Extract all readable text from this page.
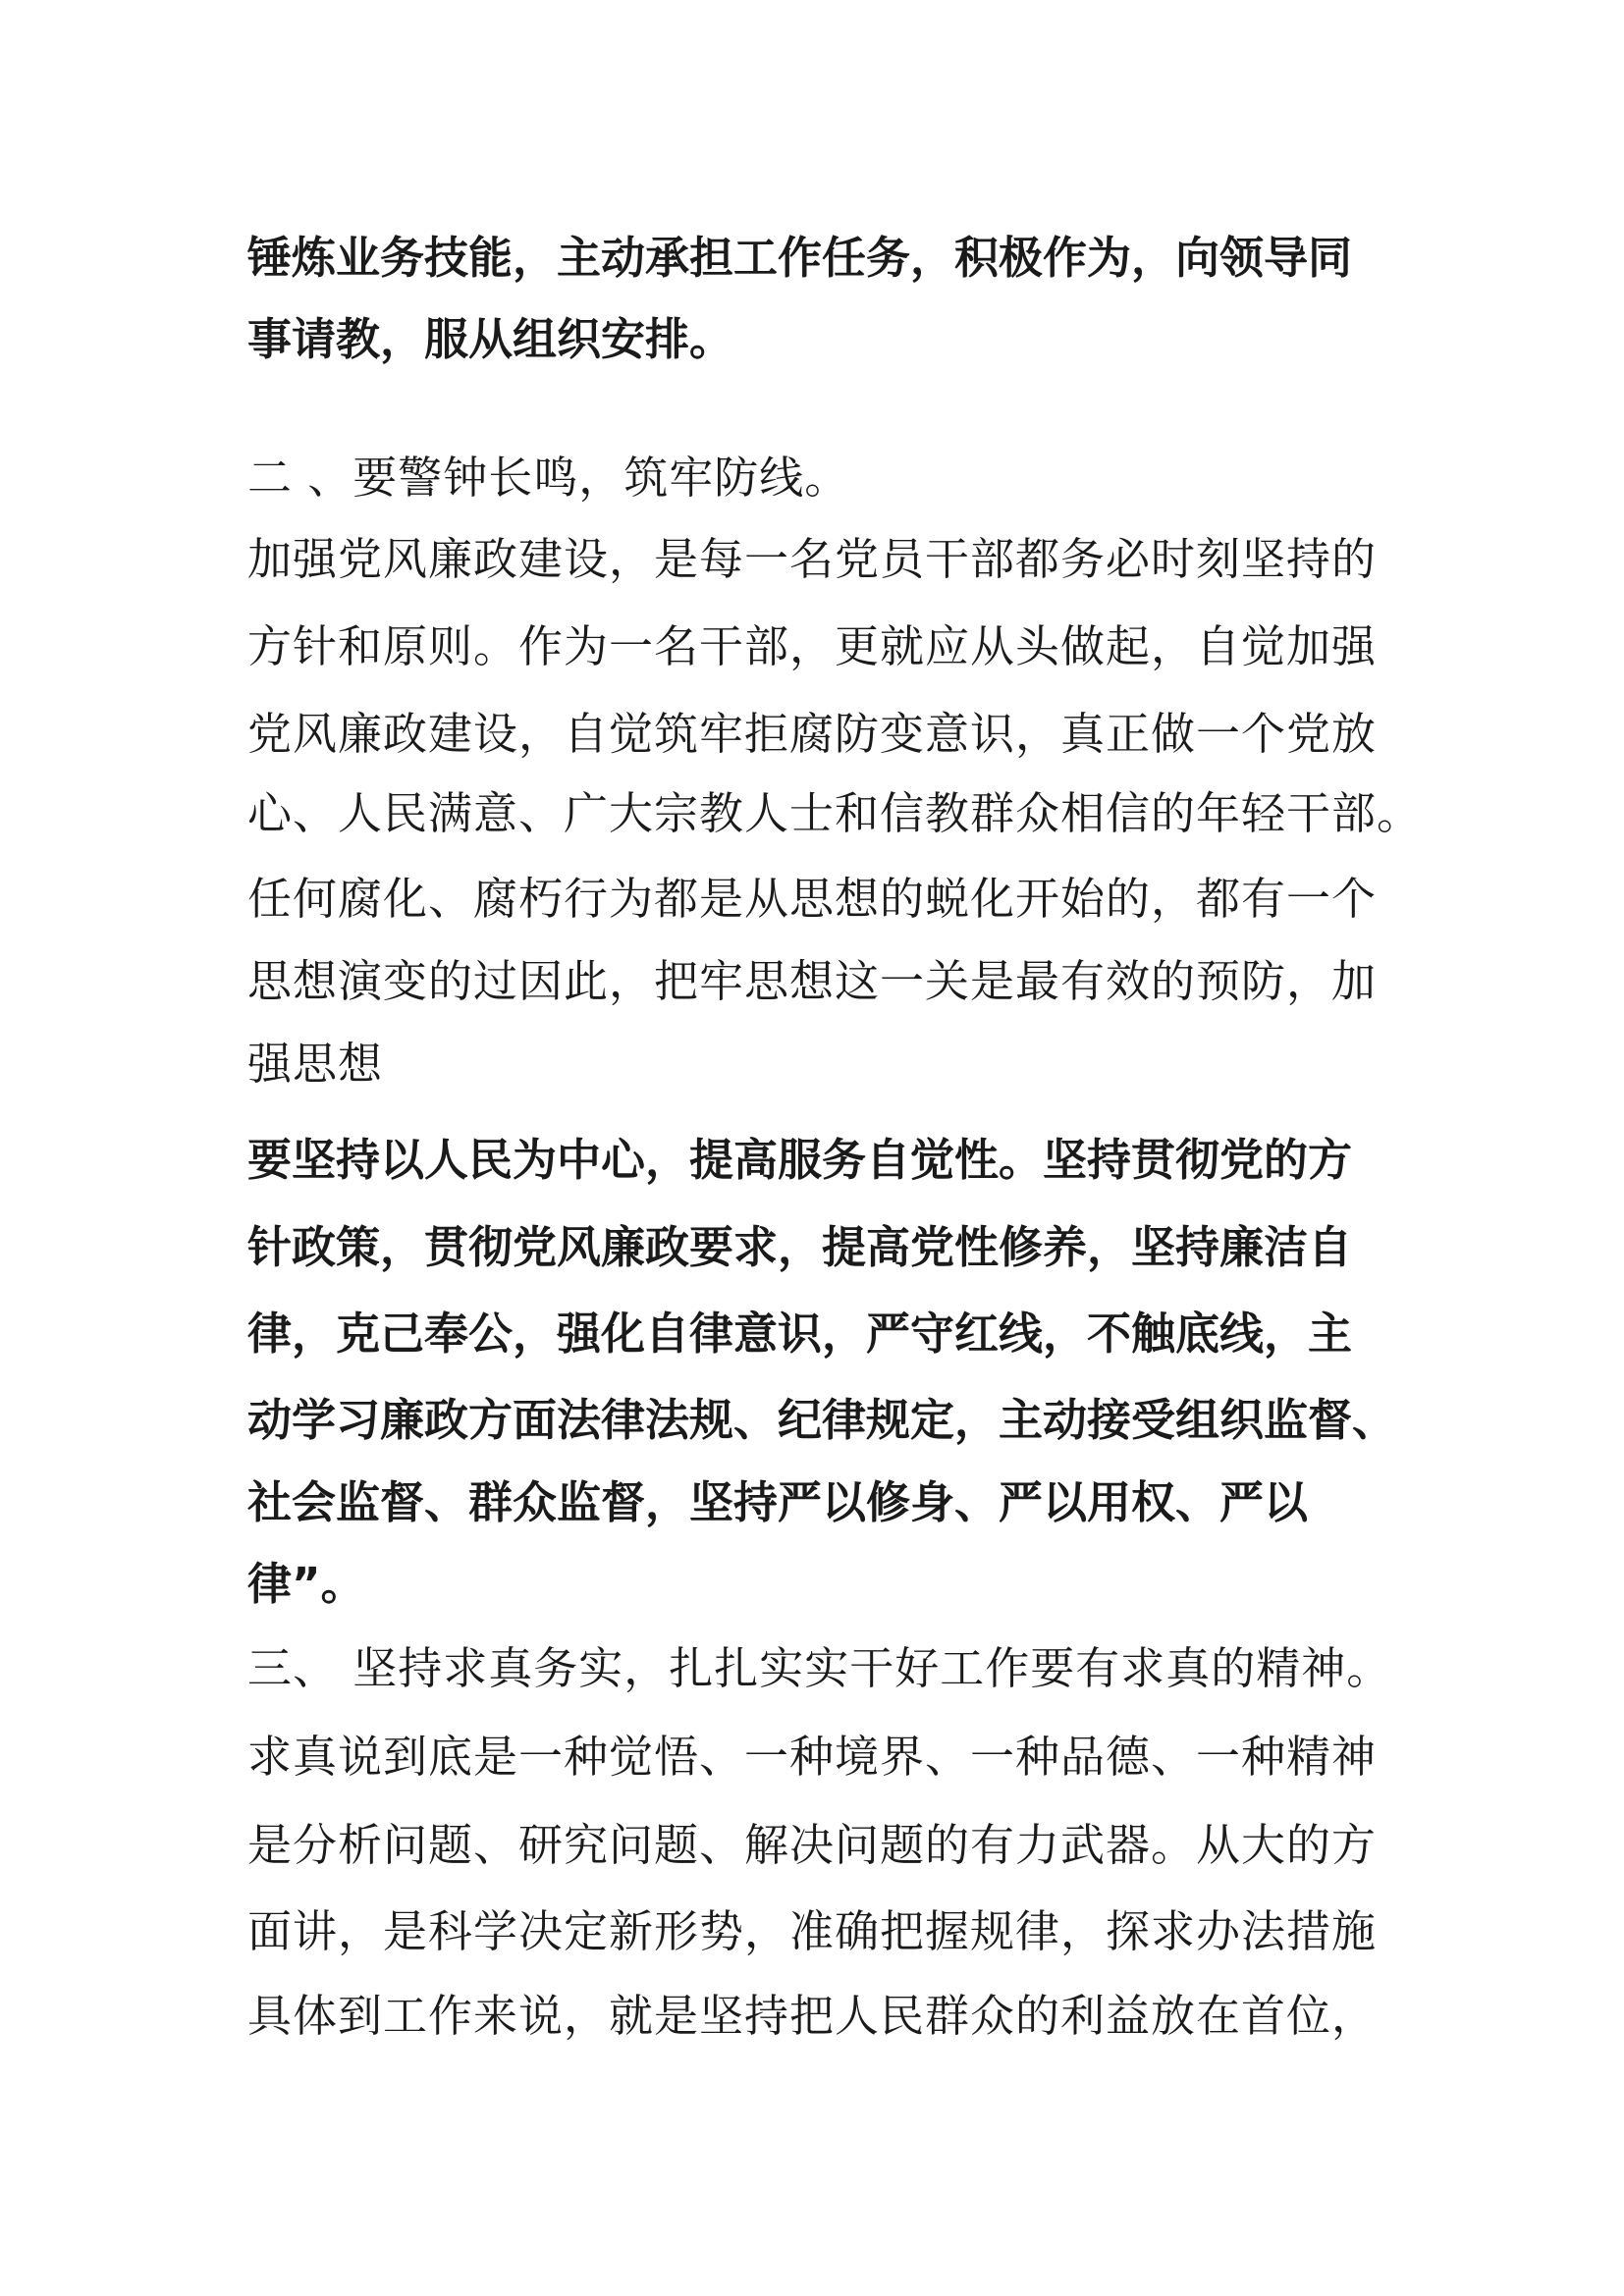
锤炼业务技能，主动承担工作任务，积极作为，向领导同
事请教，服从组织安排。
二 、要警钟长鸣，筑牢防线。
加强党风廉政建设，是每一名党员干部都务必时刻坚持的
方针和原则。作为一名干部，更就应从头做起，自觉加强
党风廉政建设，自觉筑牢拒腐防变意识，真正做一个党放
心、人民满意、广大宗教人士和信教群众相信的年轻干部。
任何腐化、腐朽行为都是从思想的蜕化开始的，都有一个
思想演变的过因此，把牢思想这一关是最有效的预防，加
强思想
要坚持以人民为中心，提高服务自觉性。坚持贯彻党的方
针政策，贯彻党风廉政要求，提高党性修养，坚持廉洁自
律，克己奉公，强化自律意识，严守红线，不触底线，主
动学习廉政方面法律法规、纪律规定，主动接受组织监督、
社会监督、群众监督，坚持严以修身、严以用权、严以
律”。
三、 坚持求真务实，扎扎实实干好工作要有求真的精神。
求真说到底是一种觉悟、一种境界、一种品德、一种精神
是分析问题、研究问题、解决问题的有力武器。从大的方
面讲，是科学决定新形势，准确把握规律，探求办法措施
具体到工作来说，就是坚持把人民群众的利益放在首位，
